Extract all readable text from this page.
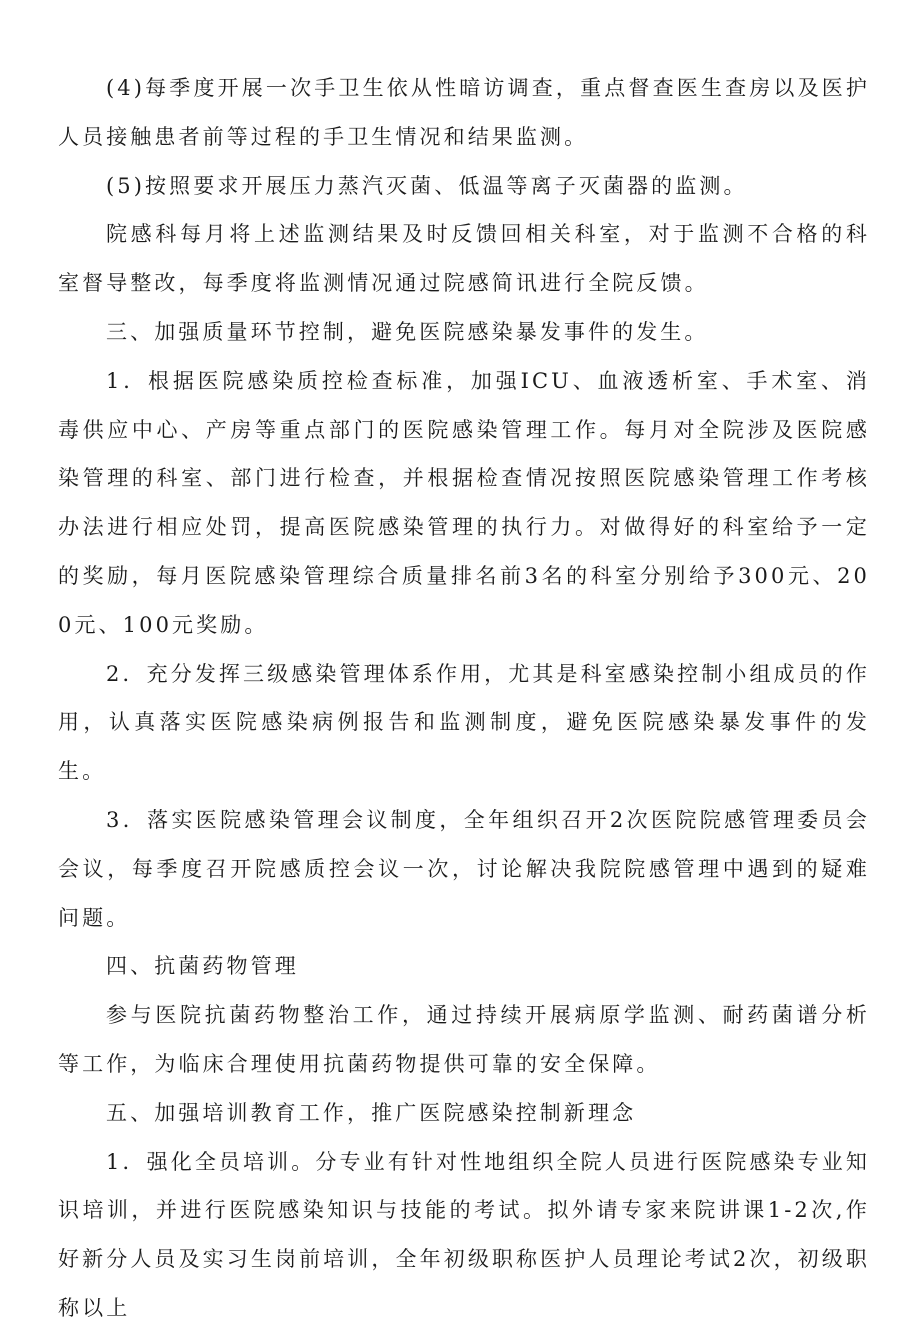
(4)每季度开展一次手卫生依从性暗访调查，重点督查医生查房以及医护人员接触患者前等过程的手卫生情况和结果监测。

(5)按照要求开展压力蒸汽灭菌、低温等离子灭菌器的监测。

院感科每月将上述监测结果及时反馈回相关科室，对于监测不合格的科室督导整改，每季度将监测情况通过院感简讯进行全院反馈。

三、加强质量环节控制，避免医院感染暴发事件的发生。

1．根据医院感染质控检查标准，加强ICU、血液透析室、手术室、消毒供应中心、产房等重点部门的医院感染管理工作。每月对全院涉及医院感染管理的科室、部门进行检查，并根据检查情况按照医院感染管理工作考核办法进行相应处罚，提高医院感染管理的执行力。对做得好的科室给予一定的奖励，每月医院感染管理综合质量排名前3名的科室分别给予300元、200元、100元奖励。

2．充分发挥三级感染管理体系作用，尤其是科室感染控制小组成员的作用，认真落实医院感染病例报告和监测制度，避免医院感染暴发事件的发生。

3．落实医院感染管理会议制度，全年组织召开2次医院院感管理委员会会议，每季度召开院感质控会议一次，讨论解决我院院感管理中遇到的疑难问题。

四、抗菌药物管理

参与医院抗菌药物整治工作，通过持续开展病原学监测、耐药菌谱分析等工作，为临床合理使用抗菌药物提供可靠的安全保障。

五、加强培训教育工作，推广医院感染控制新理念

1．强化全员培训。分专业有针对性地组织全院人员进行医院感染专业知识培训，并进行医院感染知识与技能的考试。拟外请专家来院讲课1-2次,作好新分人员及实习生岗前培训，全年初级职称医护人员理论考试2次，初级职称以上
